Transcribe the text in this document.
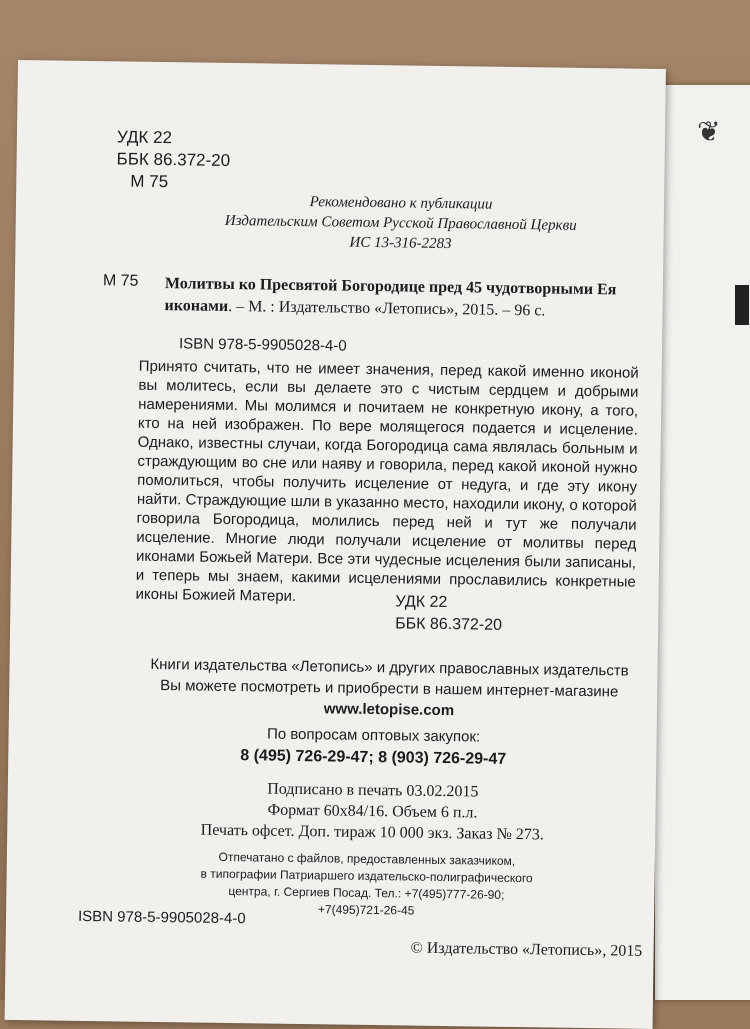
❦
УДК 22
ББК 86.372-20
М 75
Рекомендовано к публикации
Издательским Советом Русской Православной Церкви
ИС 13-316-2283
М 75 Молитвы ко Пресвятой Богородице пред 45 чудотворными Ея иконами. – М. : Издательство «Летопись», 2015. – 96 с.
ISBN 978-5-9905028-4-0
Принято считать, что не имеет значения, перед какой именно иконой вы молитесь, если вы делаете это с чистым сердцем и добрыми намерениями. Мы молимся и почитаем не конкретную икону, а того, кто на ней изображен. По вере молящегося подается и исцеление. Однако, известны случаи, когда Богородица сама являлась больным и страждующим во сне или наяву и говорила, перед какой иконой нужно помолиться, чтобы получить исцеление от недуга, и где эту икону найти. Страждующие шли в указанно место, находили икону, о которой говорила Богородица, молились перед ней и тут же получали исцеление. Многие люди получали исцеление от молитвы перед иконами Божьей Матери. Все эти чудесные исцеления были записаны, и теперь мы знаем, какими исцелениями прославились конкретные иконы Божией Матери.	УДК 22
ББК 86.372-20
Книги издательства «Летопись» и других православных издательств
Вы можете посмотреть и приобрести в нашем интернет-магазине
www.letopise.com
По вопросам оптовых закупок:
8 (495) 726-29-47; 8 (903) 726-29-47
Подписано в печать 03.02.2015
Формат 60х84/16. Объем 6 п.л.
Печать офсет. Доп. тираж 10 000 экз. Заказ № 273.
Отпечатано с файлов, предоставленных заказчиком,
в типографии Патриаршего издательско-полиграфического
центра, г. Сергиев Посад. Тел.: +7(495)777-26-90;
+7(495)721-26-45
ISBN 978-5-9905028-4-0
© Издательство «Летопись», 2015
